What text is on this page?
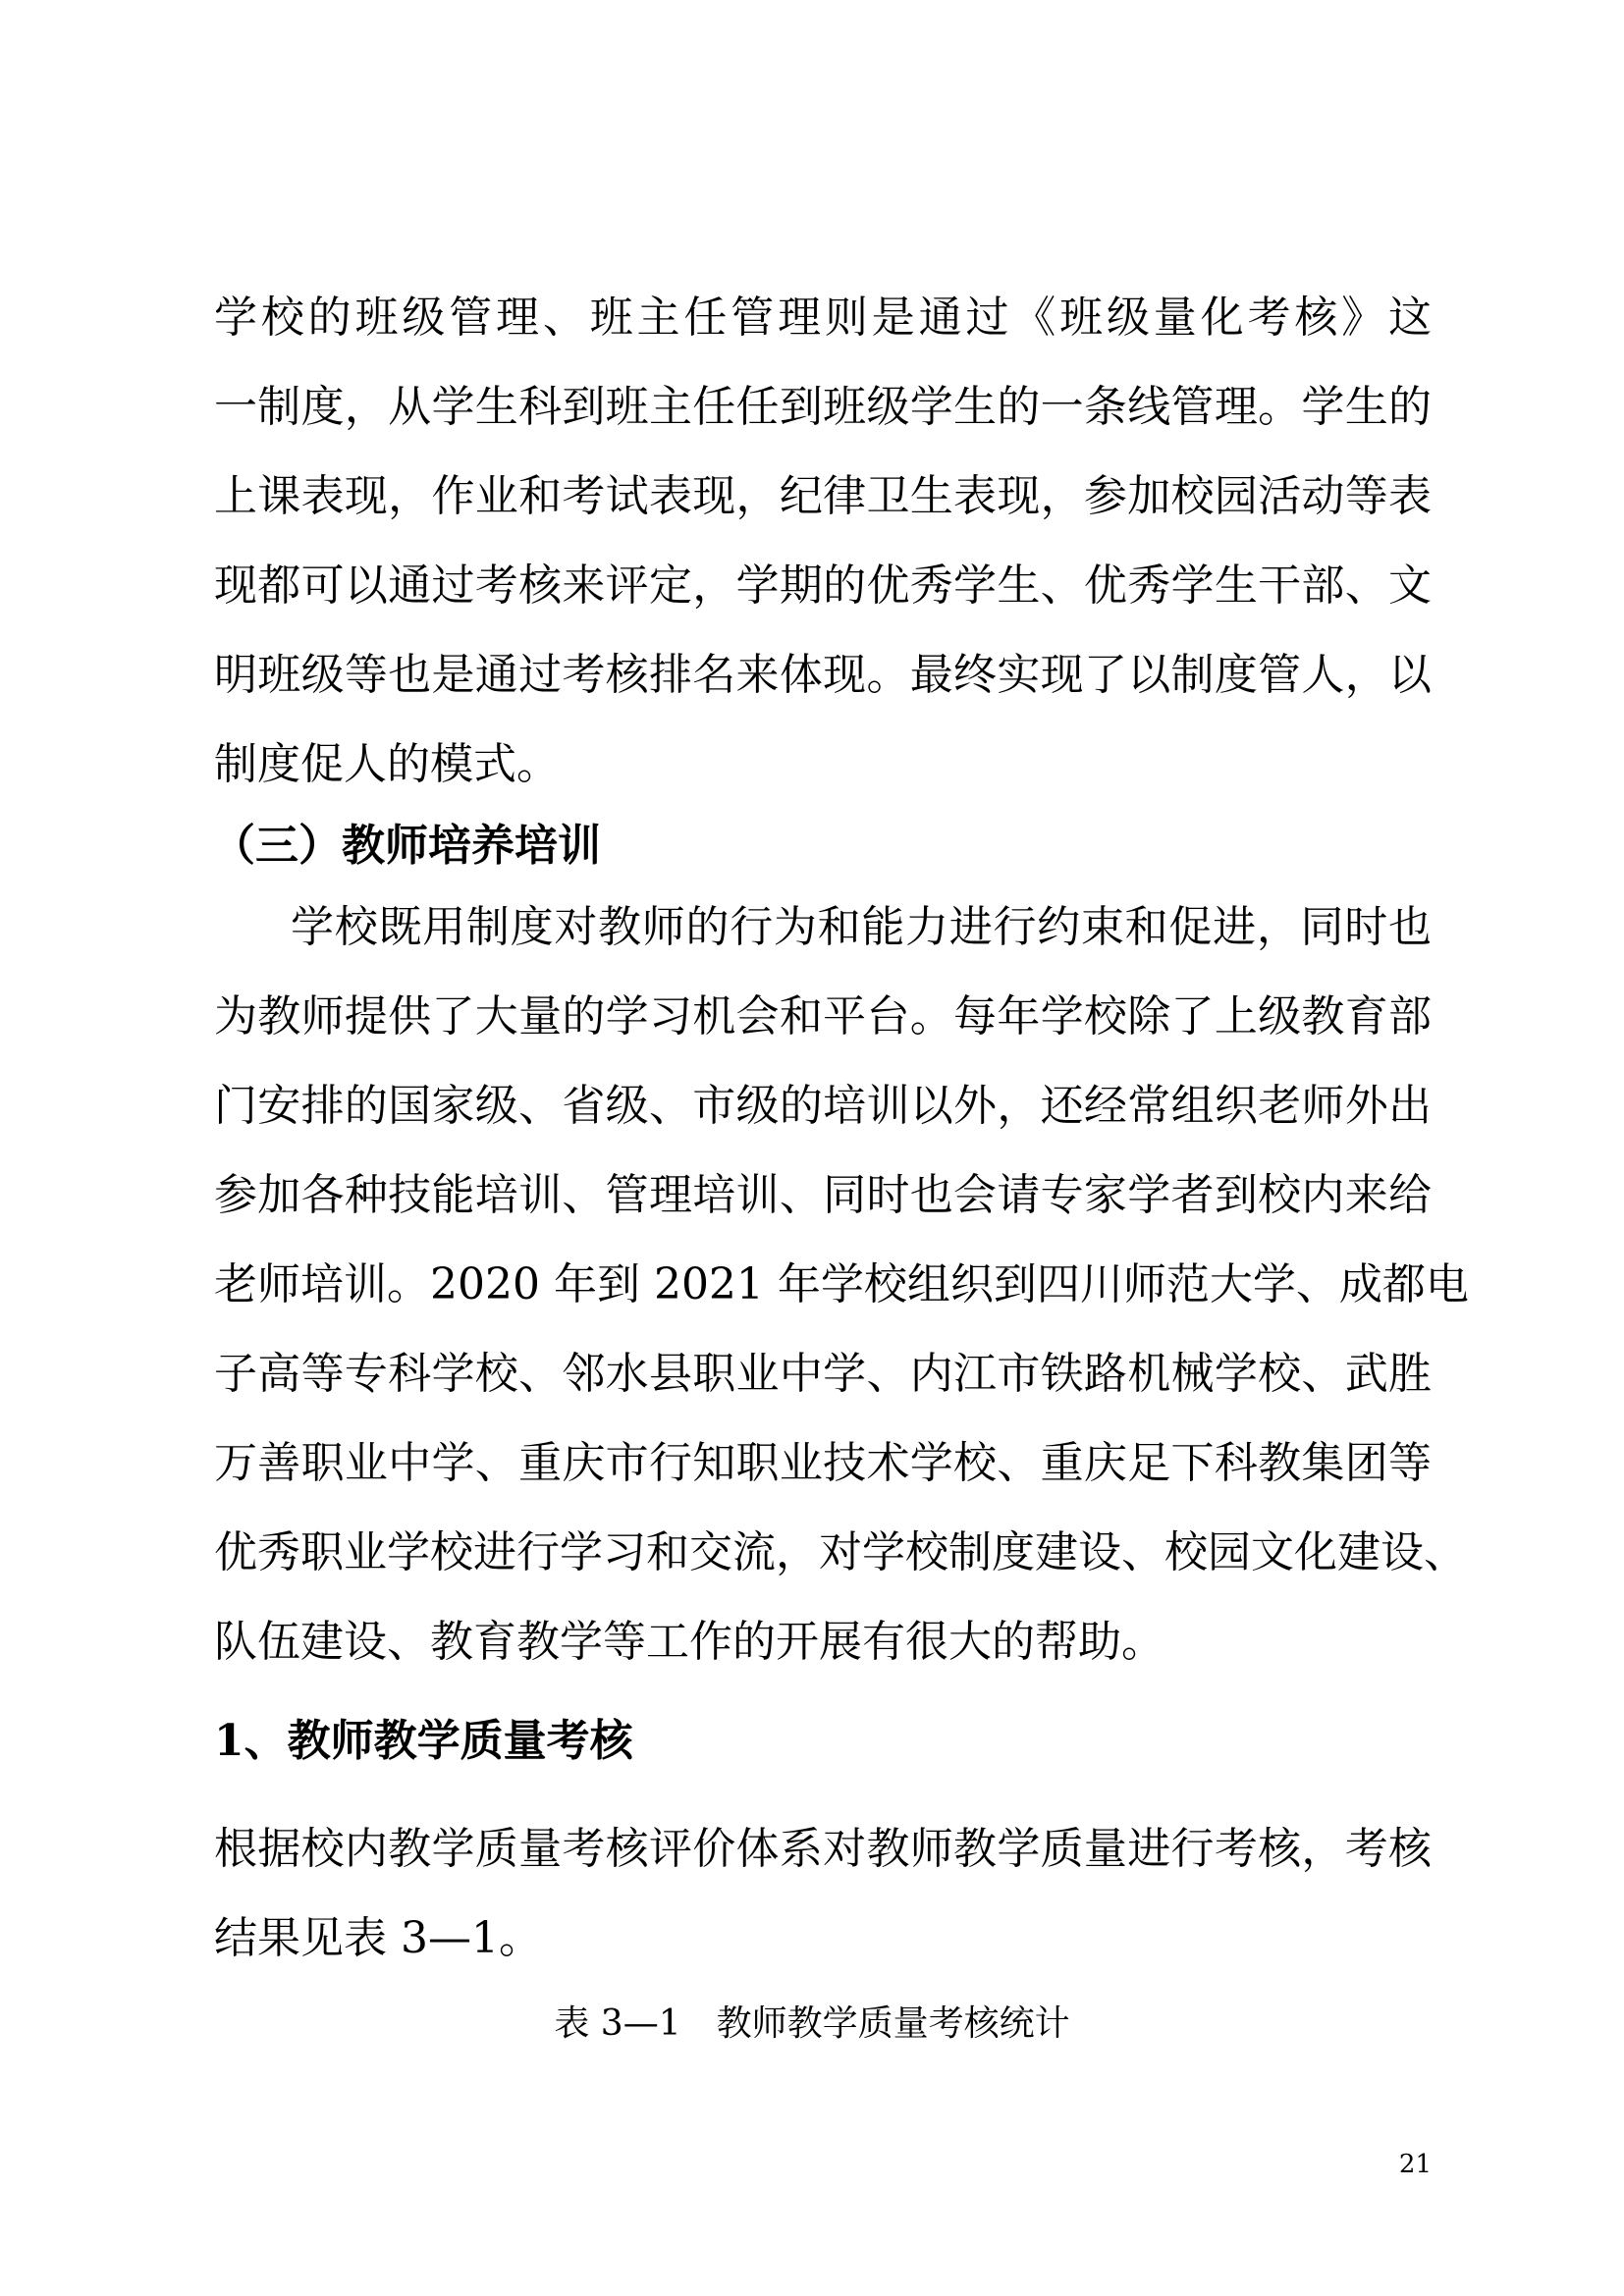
学校的班级管理、班主任管理则是通过《班级量化考核》这
一制度，从学生科到班主任任到班级学生的一条线管理。学生的
上课表现，作业和考试表现，纪律卫生表现，参加校园活动等表
现都可以通过考核来评定，学期的优秀学生、优秀学生干部、文
明班级等也是通过考核排名来体现。最终实现了以制度管人，以
制度促人的模式。
（三）教师培养培训
学校既用制度对教师的行为和能力进行约束和促进，同时也
为教师提供了大量的学习机会和平台。每年学校除了上级教育部
门安排的国家级、省级、市级的培训以外，还经常组织老师外出
参加各种技能培训、管理培训、同时也会请专家学者到校内来给
老师培训。2020 年到 2021 年学校组织到四川师范大学、成都电
子高等专科学校、邻水县职业中学、内江市铁路机械学校、武胜
万善职业中学、重庆市行知职业技术学校、重庆足下科教集团等
优秀职业学校进行学习和交流，对学校制度建设、校园文化建设、
队伍建设、教育教学等工作的开展有很大的帮助。
1、教师教学质量考核
根据校内教学质量考核评价体系对教师教学质量进行考核，考核
结果见表 3—1。
表 3—1　教师教学质量考核统计
21
